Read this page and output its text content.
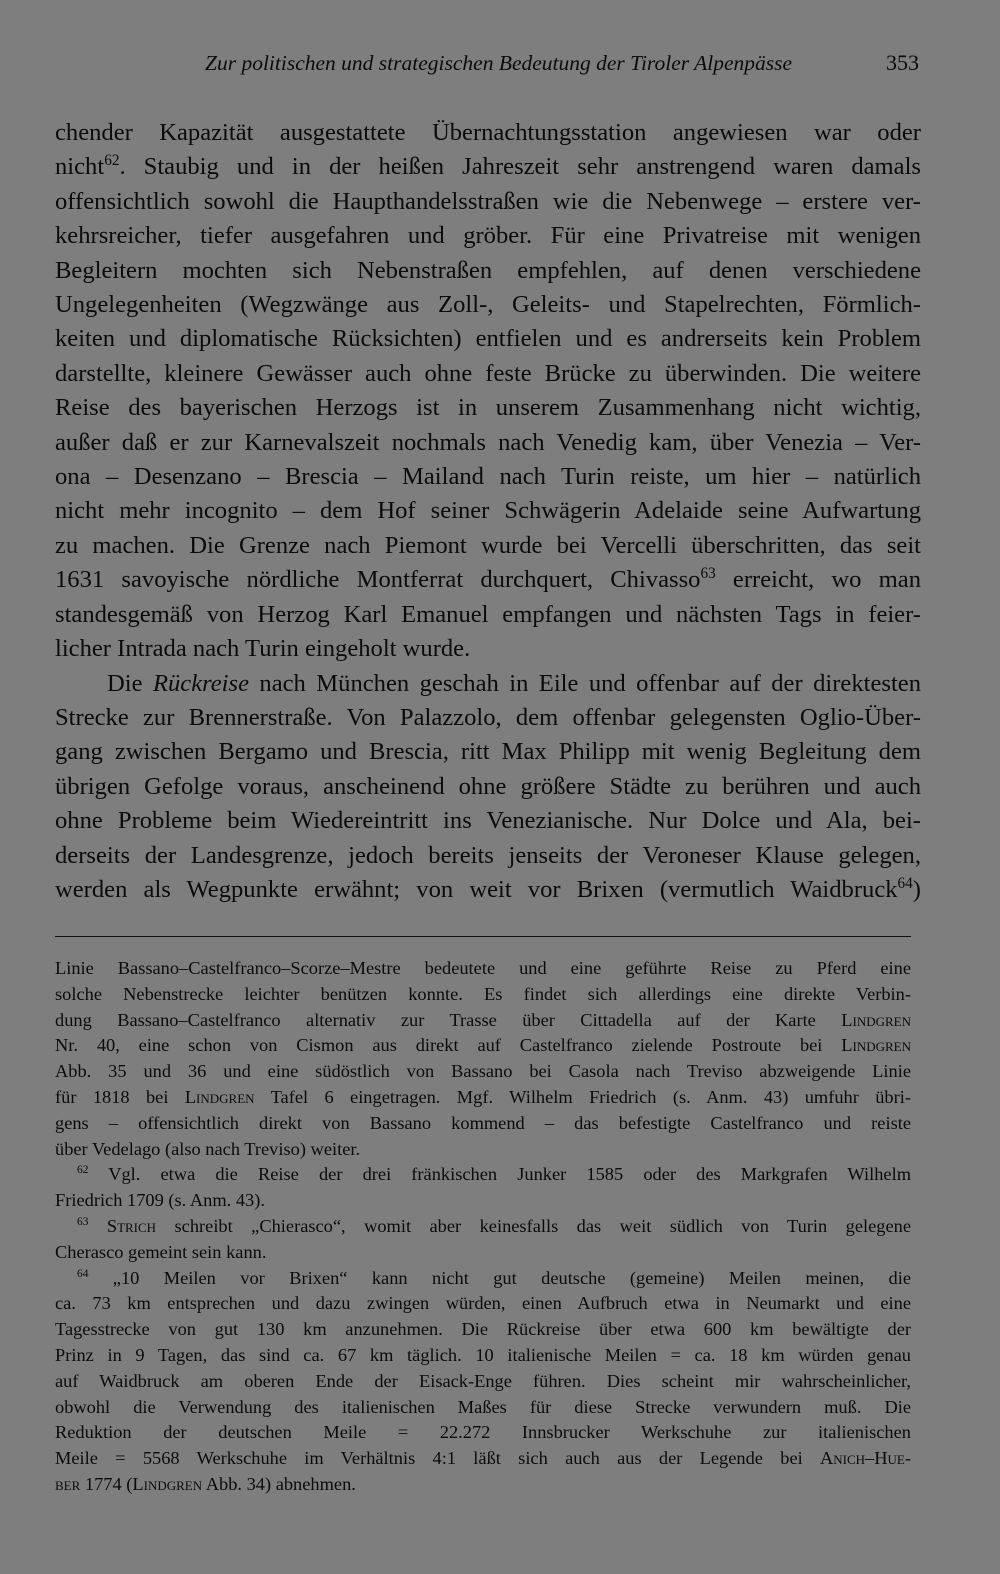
Zur politischen und strategischen Bedeutung der Tiroler Alpenpässe	353

chender Kapazität ausgestattete Übernachtungsstation angewiesen war oder
nicht$^{62}$. Staubig und in der heißen Jahreszeit sehr anstrengend waren damals
offensichtlich sowohl die Haupthandelsstraßen wie die Nebenwege – erstere ver-
kehrsreicher, tiefer ausgefahren und gröber. Für eine Privatreise mit wenigen
Begleitern mochten sich Nebenstraßen empfehlen, auf denen verschiedene
Ungelegenheiten (Wegzwänge aus Zoll-, Geleits- und Stapelrechten, Förmlich-
keiten und diplomatische Rücksichten) entfielen und es andrerseits kein Problem
darstellte, kleinere Gewässer auch ohne feste Brücke zu überwinden. Die weitere
Reise des bayerischen Herzogs ist in unserem Zusammenhang nicht wichtig,
außer daß er zur Karnevalszeit nochmals nach Venedig kam, über Venezia – Ver-
ona – Desenzano – Brescia – Mailand nach Turin reiste, um hier – natürlich
nicht mehr incognito – dem Hof seiner Schwägerin Adelaide seine Aufwartung
zu machen. Die Grenze nach Piemont wurde bei Vercelli überschritten, das seit
1631 savoyische nördliche Montferrat durchquert, Chivasso$^{63}$ erreicht, wo man
standesgemäß von Herzog Karl Emanuel empfangen und nächsten Tags in feier-
licher Intrada nach Turin eingeholt wurde.

Die Rückreise nach München geschah in Eile und offenbar auf der direktesten
Strecke zur Brennerstraße. Von Palazzolo, dem offenbar gelegensten Oglio-Über-
gang zwischen Bergamo und Brescia, ritt Max Philipp mit wenig Begleitung dem
übrigen Gefolge voraus, anscheinend ohne größere Städte zu berühren und auch
ohne Probleme beim Wiedereintritt ins Venezianische. Nur Dolce und Ala, bei-
derseits der Landesgrenze, jedoch bereits jenseits der Veroneser Klause gelegen,
werden als Wegpunkte erwähnt; von weit vor Brixen (vermutlich Waidbruck$^{64}$)

Linie Bassano–Castelfranco–Scorze–Mestre bedeutete und eine geführte Reise zu Pferd eine
solche Nebenstrecke leichter benützen konnte. Es findet sich allerdings eine direkte Verbin-
dung Bassano–Castelfranco alternativ zur Trasse über Cittadella auf der Karte Lindgren
Nr. 40, eine schon von Cismon aus direkt auf Castelfranco zielende Postroute bei Lindgren
Abb. 35 und 36 und eine südöstlich von Bassano bei Casola nach Treviso abzweigende Linie
für 1818 bei Lindgren Tafel 6 eingetragen. Mgf. Wilhelm Friedrich (s. Anm. 43) umfuhr übri-
gens – offensichtlich direkt von Bassano kommend – das befestigte Castelfranco und reiste
über Vedelago (also nach Treviso) weiter.

$^{62}$ Vgl. etwa die Reise der drei fränkischen Junker 1585 oder des Markgrafen Wilhelm
Friedrich 1709 (s. Anm. 43).

$^{63}$ Strich schreibt „Chierasco“, womit aber keinesfalls das weit südlich von Turin gelegene
Cherasco gemeint sein kann.

$^{64}$ „10 Meilen vor Brixen“ kann nicht gut deutsche (gemeine) Meilen meinen, die
ca. 73 km entsprechen und dazu zwingen würden, einen Aufbruch etwa in Neumarkt und eine
Tagesstrecke von gut 130 km anzunehmen. Die Rückreise über etwa 600 km bewältigte der
Prinz in 9 Tagen, das sind ca. 67 km täglich. 10 italienische Meilen = ca. 18 km würden genau
auf Waidbruck am oberen Ende der Eisack-Enge führen. Dies scheint mir wahrscheinlicher,
obwohl die Verwendung des italienischen Maßes für diese Strecke verwundern muß. Die
Reduktion der deutschen Meile = 22.272 Innsbrucker Werkschuhe zur italienischen
Meile = 5568 Werkschuhe im Verhältnis 4:1 läßt sich auch aus der Legende bei Anich–Hue-
ber 1774 (Lindgren Abb. 34) abnehmen.
